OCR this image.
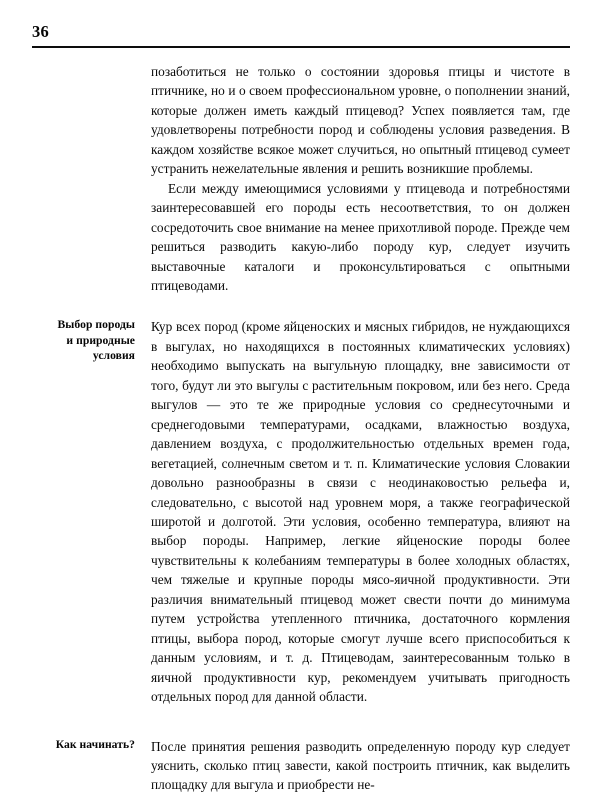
36

позаботиться не только о состоянии здоровья птицы и чистоте в птичнике, но и о своем профессиональном уровне, о пополнении знаний, которые должен иметь каждый птицевод? Успех появляется там, где удовлетворены потребности пород и соблюдены условия разведения. В каждом хозяйстве всякое может случиться, но опытный птицевод сумеет устранить нежелательные явления и решить возникшие проблемы.

Если между имеющимися условиями у птицевода и потребностями заинтересовавшей его породы есть несоответствия, то он должен сосредоточить свое внимание на менее прихотливой породе. Прежде чем решиться разводить какую-либо породу кур, следует изучить выставочные каталоги и проконсультироваться с опытными птицеводами.

Выбор породы
и природные
условия

Кур всех пород (кроме яйценоских и мясных гибридов, не нуждающихся в выгулах, но находящихся в постоянных климатических условиях) необходимо выпускать на выгульную площадку, вне зависимости от того, будут ли это выгулы с растительным покровом, или без него. Среда выгулов — это те же природные условия со среднесуточными и среднегодовыми температурами, осадками, влажностью воздуха, давлением воздуха, с продолжительностью отдельных времен года, вегетацией, солнечным светом и т. п. Климатические условия Словакии довольно разнообразны в связи с неодинаковостью рельефа и, следовательно, с высотой над уровнем моря, а также географической широтой и долготой. Эти условия, особенно температура, влияют на выбор породы. Например, легкие яйценоские породы более чувствительны к колебаниям температуры в более холодных областях, чем тяжелые и крупные породы мясо-яичной продуктивности. Эти различия внимательный птицевод может свести почти до минимума путем устройства утепленного птичника, достаточного кормления птицы, выбора пород, которые смогут лучше всего приспособиться к данным условиям, и т. д. Птицеводам, заинтересованным только в яичной продуктивности кур, рекомендуем учитывать пригодность отдельных пород для данной области.

Как начинать? После принятия решения разводить определенную породу кур следует уяснить, сколько птиц завести, какой построить птичник, как выделить площадку для выгула и приобрести не-
